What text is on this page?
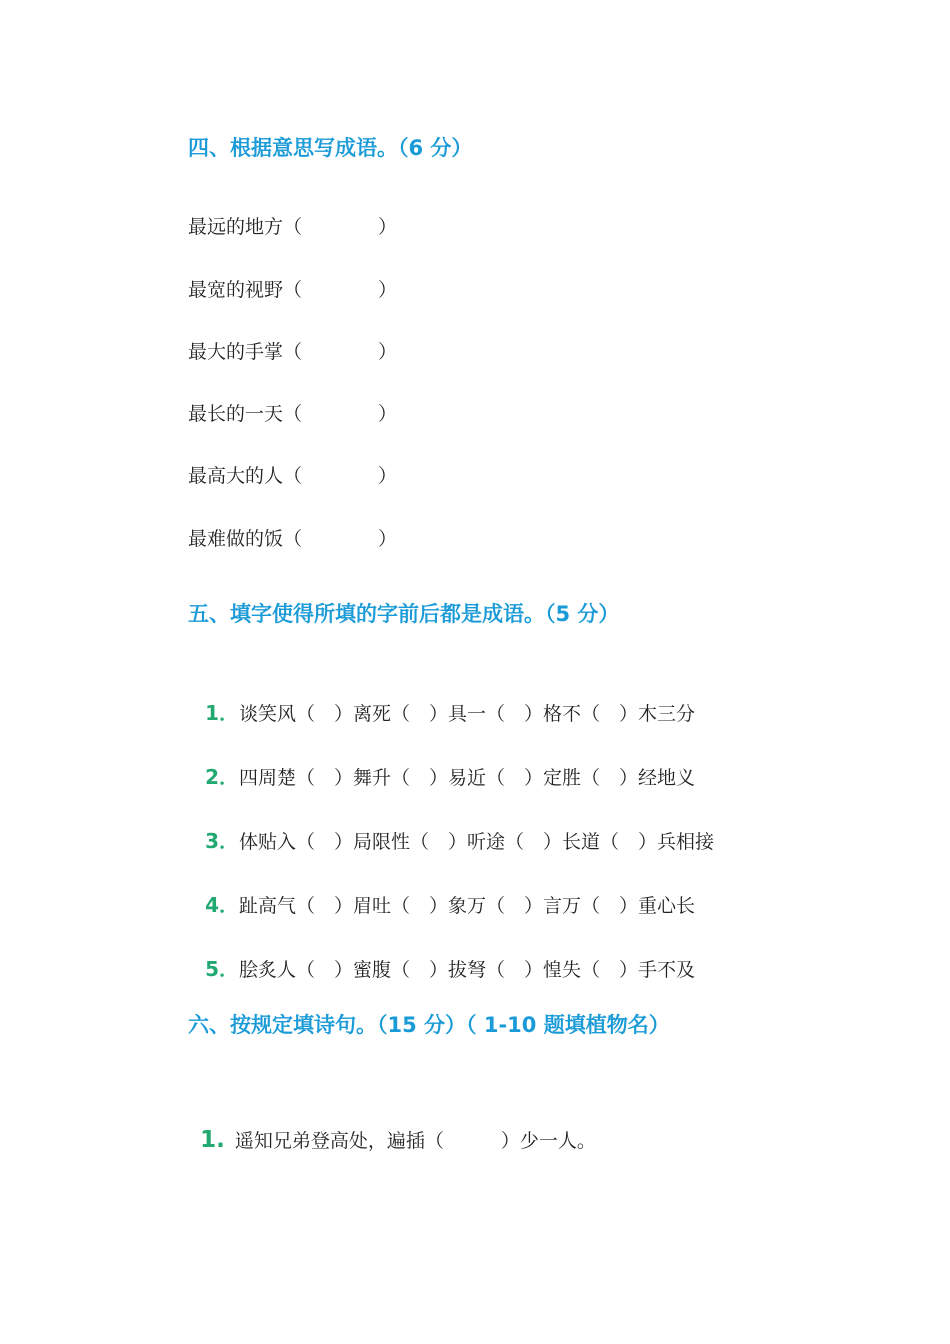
四、根据意思写成语。（6 分）
最远的地方（　　　　）
最宽的视野（　　　　）
最大的手掌（　　　　）
最长的一天（　　　　）
最高大的人（　　　　）
最难做的饭（　　　　）
五、填字使得所填的字前后都是成语。（5 分）

1．谈笑风（　）离死（　）具一（　）格不（　）木三分

2．四周楚（　）舞升（　）易近（　）定胜（　）经地义

3．体贴入（　）局限性（　）听途（　）长道（　）兵相接

4．趾高气（　）眉吐（　）象万（　）言万（　）重心长

5．脍炙人（　）蜜腹（　）拔弩（　）惶失（　）手不及

六、按规定填诗句。（15 分）（ 1-10 题填植物名）

1. 遥知兄弟登高处，遍插（　　　）少一人。
